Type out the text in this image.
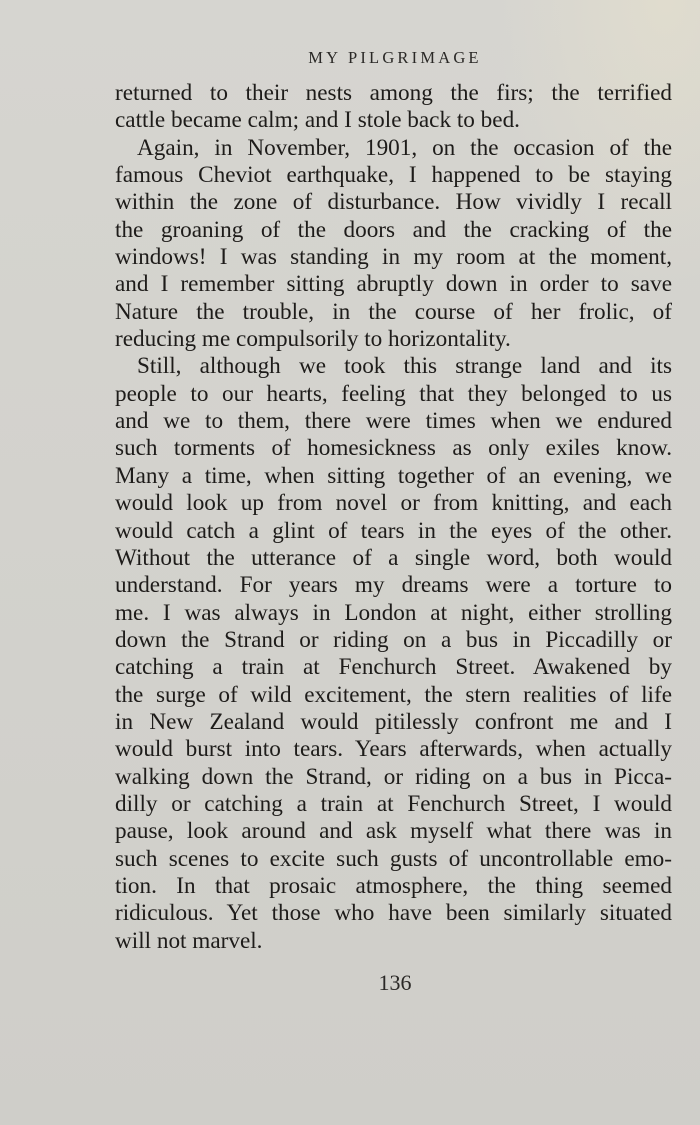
MY PILGRIMAGE
returned to their nests among the firs; the terrified
cattle became calm; and I stole back to bed.
Again, in November, 1901, on the occasion of the
famous Cheviot earthquake, I happened to be staying
within the zone of disturbance. How vividly I recall
the groaning of the doors and the cracking of the
windows! I was standing in my room at the moment,
and I remember sitting abruptly down in order to save
Nature the trouble, in the course of her frolic, of
reducing me compulsorily to horizontality.
Still, although we took this strange land and its
people to our hearts, feeling that they belonged to us
and we to them, there were times when we endured
such torments of homesickness as only exiles know.
Many a time, when sitting together of an evening, we
would look up from novel or from knitting, and each
would catch a glint of tears in the eyes of the other.
Without the utterance of a single word, both would
understand. For years my dreams were a torture to
me. I was always in London at night, either strolling
down the Strand or riding on a bus in Piccadilly or
catching a train at Fenchurch Street. Awakened by
the surge of wild excitement, the stern realities of life
in New Zealand would pitilessly confront me and I
would burst into tears. Years afterwards, when actually
walking down the Strand, or riding on a bus in Picca-
dilly or catching a train at Fenchurch Street, I would
pause, look around and ask myself what there was in
such scenes to excite such gusts of uncontrollable emo-
tion. In that prosaic atmosphere, the thing seemed
ridiculous. Yet those who have been similarly situated
will not marvel.
136
